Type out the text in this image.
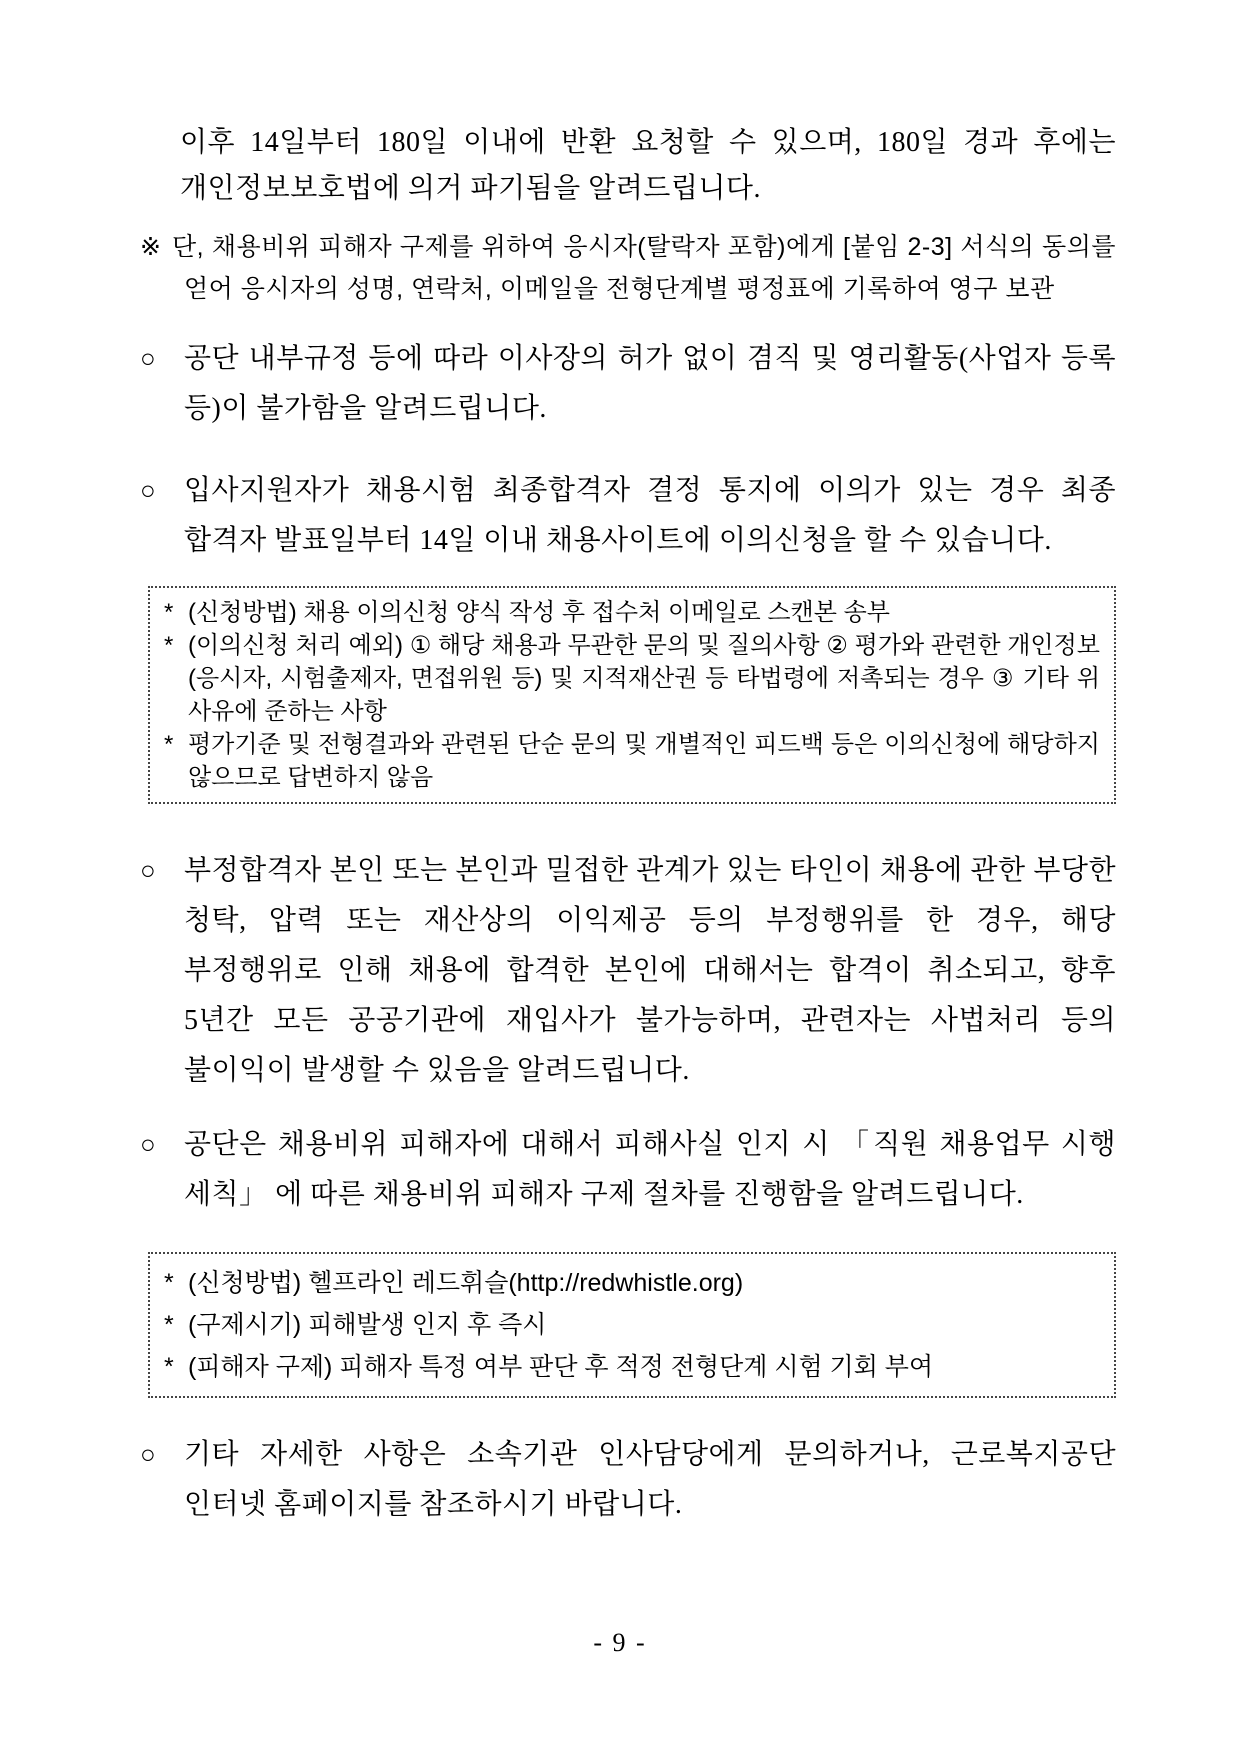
이후 14일부터 180일 이내에 반환 요청할 수 있으며, 180일 경과 후에는 개인정보보호법에 의거 파기됨을 알려드립니다.

※ 단, 채용비위 피해자 구제를 위하여 응시자(탈락자 포함)에게 [붙임 2-3] 서식의 동의를 얻어 응시자의 성명, 연락처, 이메일을 전형단계별 평정표에 기록하여 영구 보관

○ 공단 내부규정 등에 따라 이사장의 허가 없이 겸직 및 영리활동(사업자 등록 등)이 불가함을 알려드립니다.

○ 입사지원자가 채용시험 최종합격자 결정 통지에 이의가 있는 경우 최종 합격자 발표일부터 14일 이내 채용사이트에 이의신청을 할 수 있습니다.

* (신청방법) 채용 이의신청 양식 작성 후 접수처 이메일로 스캔본 송부
* (이의신청 처리 예외) ① 해당 채용과 무관한 문의 및 질의사항 ② 평가와 관련한 개인정보(응시자, 시험출제자, 면접위원 등) 및 지적재산권 등 타법령에 저촉되는 경우 ③ 기타 위 사유에 준하는 사항
* 평가기준 및 전형결과와 관련된 단순 문의 및 개별적인 피드백 등은 이의신청에 해당하지 않으므로 답변하지 않음

○ 부정합격자 본인 또는 본인과 밀접한 관계가 있는 타인이 채용에 관한 부당한 청탁, 압력 또는 재산상의 이익제공 등의 부정행위를 한 경우, 해당 부정행위로 인해 채용에 합격한 본인에 대해서는 합격이 취소되고, 향후 5년간 모든 공공기관에 재입사가 불가능하며, 관련자는 사법처리 등의 불이익이 발생할 수 있음을 알려드립니다.

○ 공단은 채용비위 피해자에 대해서 피해사실 인지 시 「직원 채용업무 시행 세칙」 에 따른 채용비위 피해자 구제 절차를 진행함을 알려드립니다.

* (신청방법) 헬프라인 레드휘슬(http://redwhistle.org)
* (구제시기) 피해발생 인지 후 즉시
* (피해자 구제) 피해자 특정 여부 판단 후 적정 전형단계 시험 기회 부여

○ 기타 자세한 사항은 소속기관 인사담당에게 문의하거나, 근로복지공단 인터넷 홈페이지를 참조하시기 바랍니다.

- 9 -
